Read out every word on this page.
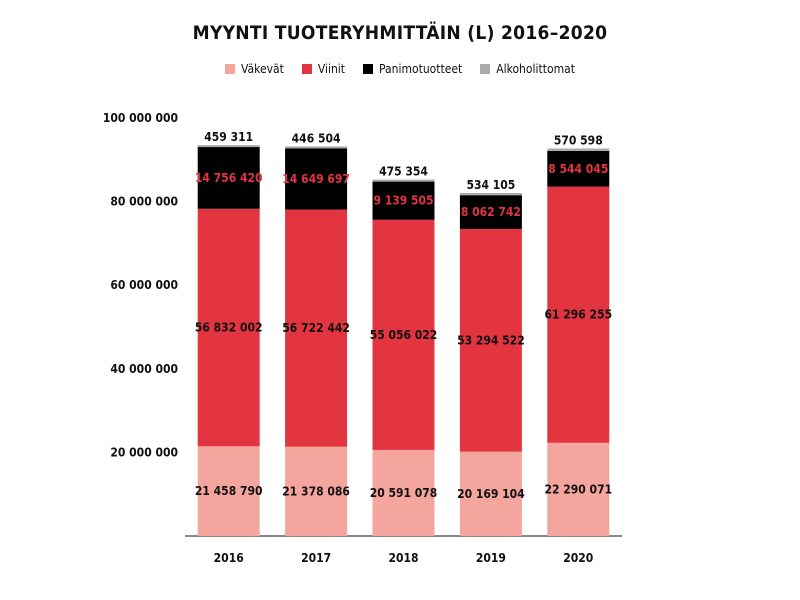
MYYNTI TUOTERYHMITTÄIN (L) 2016–2020
Väkevät	Viinit	Panimotuotteet	Alkoholittomat
20 000 000
40 000 000
60 000 000
80 000 000
100 000 000
21 458 790
56 832 002
14 756 420
459 311
2016
21 378 086
56 722 442
14 649 697
446 504
2017
20 591 078
55 056 022
9 139 505
475 354
2018
20 169 104
53 294 522
8 062 742
534 105
2019
22 290 071
61 296 255
8 544 045
570 598
2020
